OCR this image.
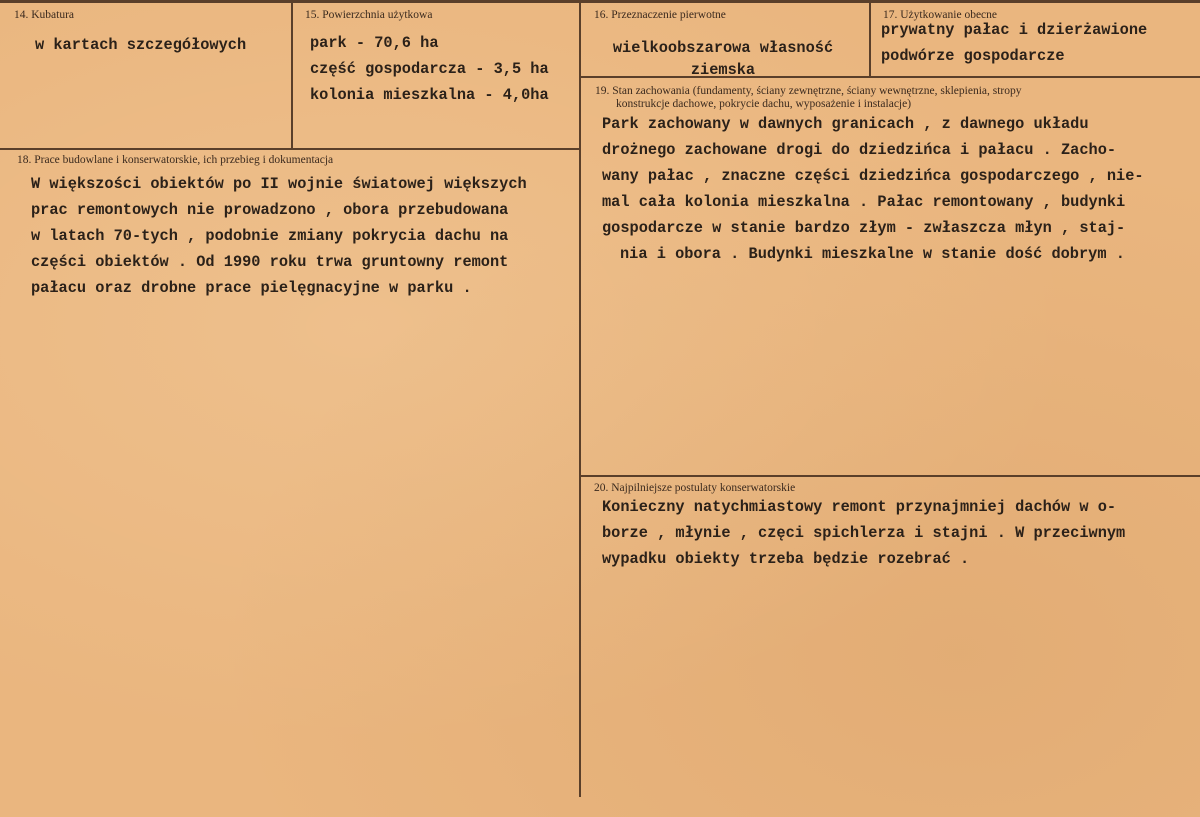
14. Kubatura
w kartach szczegółowych
15. Powierzchnia użytkowa
park - 70,6 ha
część gospodarcza - 3,5 ha
kolonia mieszkalna - 4,0ha
16. Przeznaczenie pierwotne
wielkoobszarowa własność
ziemska
17. Użytkowanie obecne
prywatny pałac i dzierżawione
podwórze gospodarcze
18. Prace budowlane i konserwatorskie, ich przebieg i dokumentacja
W większości obiektów po II wojnie światowej większych
prac remontowych nie prowadzono , obora przebudowana
w latach 70-tych , podobnie zmiany pokrycia dachu na
części obiektów . Od 1990 roku trwa gruntowny remont
pałacu oraz drobne prace pielęgnacyjne w parku .
19. Stan zachowania (fundamenty, ściany zewnętrzne, ściany wewnętrzne, sklepienia, stropy
konstrukcje dachowe, pokrycie dachu, wyposażenie i instalacje)
Park zachowany w dawnych granicach , z dawnego układu
drożnego zachowane drogi do dziedzińca i pałacu . Zacho-
wany pałac , znaczne części dziedzińca gospodarczego , nie-
mal cała kolonia mieszkalna . Pałac remontowany , budynki
gospodarcze w stanie bardzo złym - zwłaszcza młyn , staj-
nia i obora . Budynki mieszkalne w stanie dość dobrym .
20. Najpilniejsze postulaty konserwatorskie
Konieczny natychmiastowy remont przynajmniej dachów w o-
borze , młynie , częci spichlerza i stajni . W przeciwnym
wypadku obiekty trzeba będzie rozebrać .
